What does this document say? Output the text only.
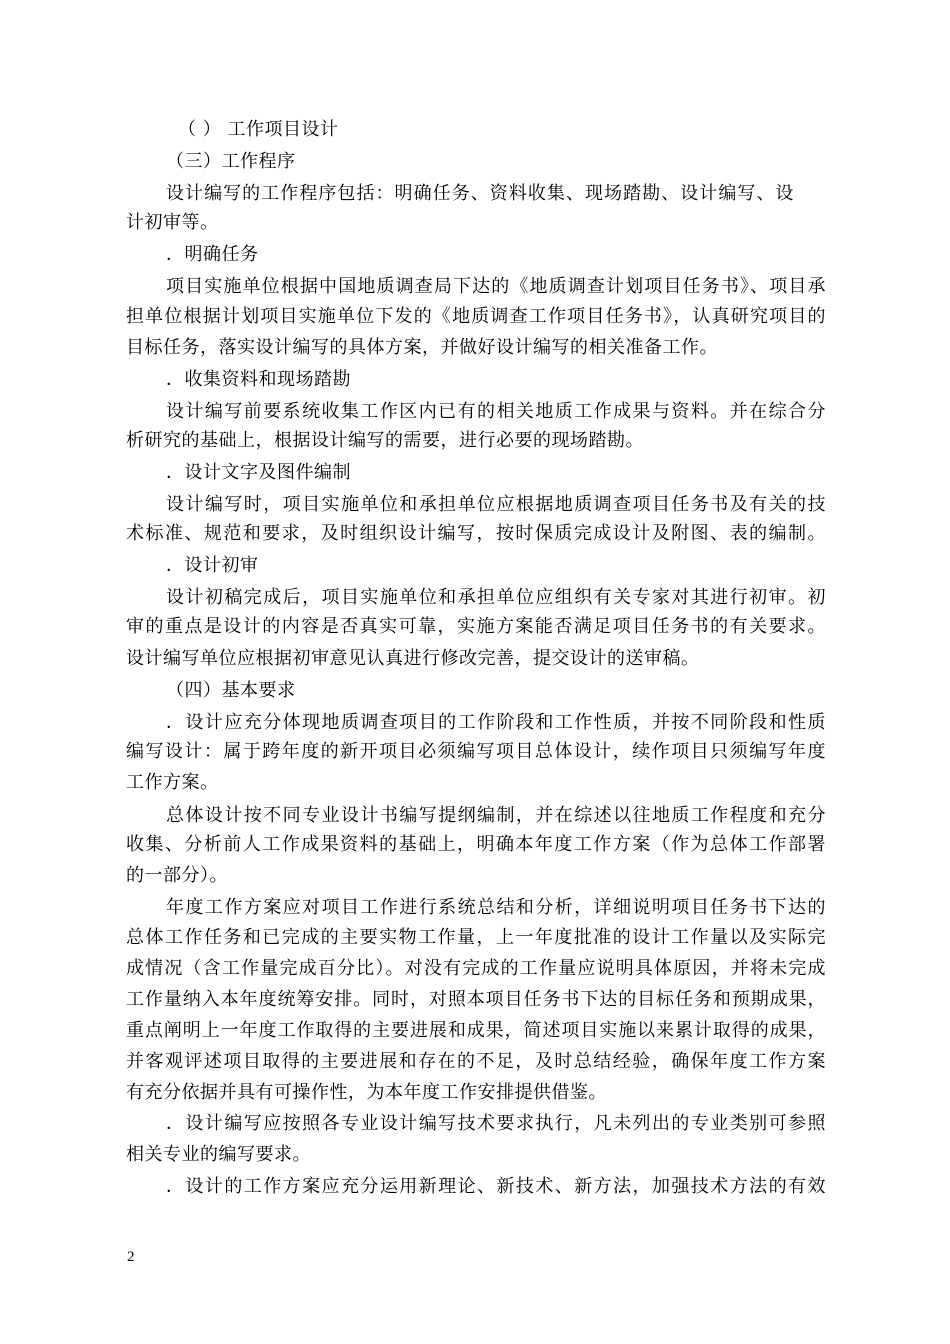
（ ） 工作项目设计
（三）工作程序
设计编写的工作程序包括：明确任务、资料收集、现场踏勘、设计编写、设
计初审等。
．明确任务
项目实施单位根据中国地质调查局下达的《地质调查计划项目任务书》、项目承
担单位根据计划项目实施单位下发的《地质调查工作项目任务书》，认真研究项目的
目标任务，落实设计编写的具体方案，并做好设计编写的相关准备工作。
．收集资料和现场踏勘
设计编写前要系统收集工作区内已有的相关地质工作成果与资料。并在综合分
析研究的基础上，根据设计编写的需要，进行必要的现场踏勘。
．设计文字及图件编制
设计编写时，项目实施单位和承担单位应根据地质调查项目任务书及有关的技
术标准、规范和要求，及时组织设计编写，按时保质完成设计及附图、表的编制。
．设计初审
设计初稿完成后，项目实施单位和承担单位应组织有关专家对其进行初审。初
审的重点是设计的内容是否真实可靠，实施方案能否满足项目任务书的有关要求。
设计编写单位应根据初审意见认真进行修改完善，提交设计的送审稿。
（四）基本要求
．设计应充分体现地质调查项目的工作阶段和工作性质，并按不同阶段和性质
编写设计：属于跨年度的新开项目必须编写项目总体设计，续作项目只须编写年度
工作方案。
总体设计按不同专业设计书编写提纲编制，并在综述以往地质工作程度和充分
收集、分析前人工作成果资料的基础上，明确本年度工作方案（作为总体工作部署
的一部分）。
年度工作方案应对项目工作进行系统总结和分析，详细说明项目任务书下达的
总体工作任务和已完成的主要实物工作量，上一年度批准的设计工作量以及实际完
成情况（含工作量完成百分比）。对没有完成的工作量应说明具体原因，并将未完成
工作量纳入本年度统筹安排。同时，对照本项目任务书下达的目标任务和预期成果，
重点阐明上一年度工作取得的主要进展和成果，简述项目实施以来累计取得的成果，
并客观评述项目取得的主要进展和存在的不足，及时总结经验，确保年度工作方案
有充分依据并具有可操作性，为本年度工作安排提供借鉴。
．设计编写应按照各专业设计编写技术要求执行，凡未列出的专业类别可参照
相关专业的编写要求。
．设计的工作方案应充分运用新理论、新技术、新方法，加强技术方法的有效
2
